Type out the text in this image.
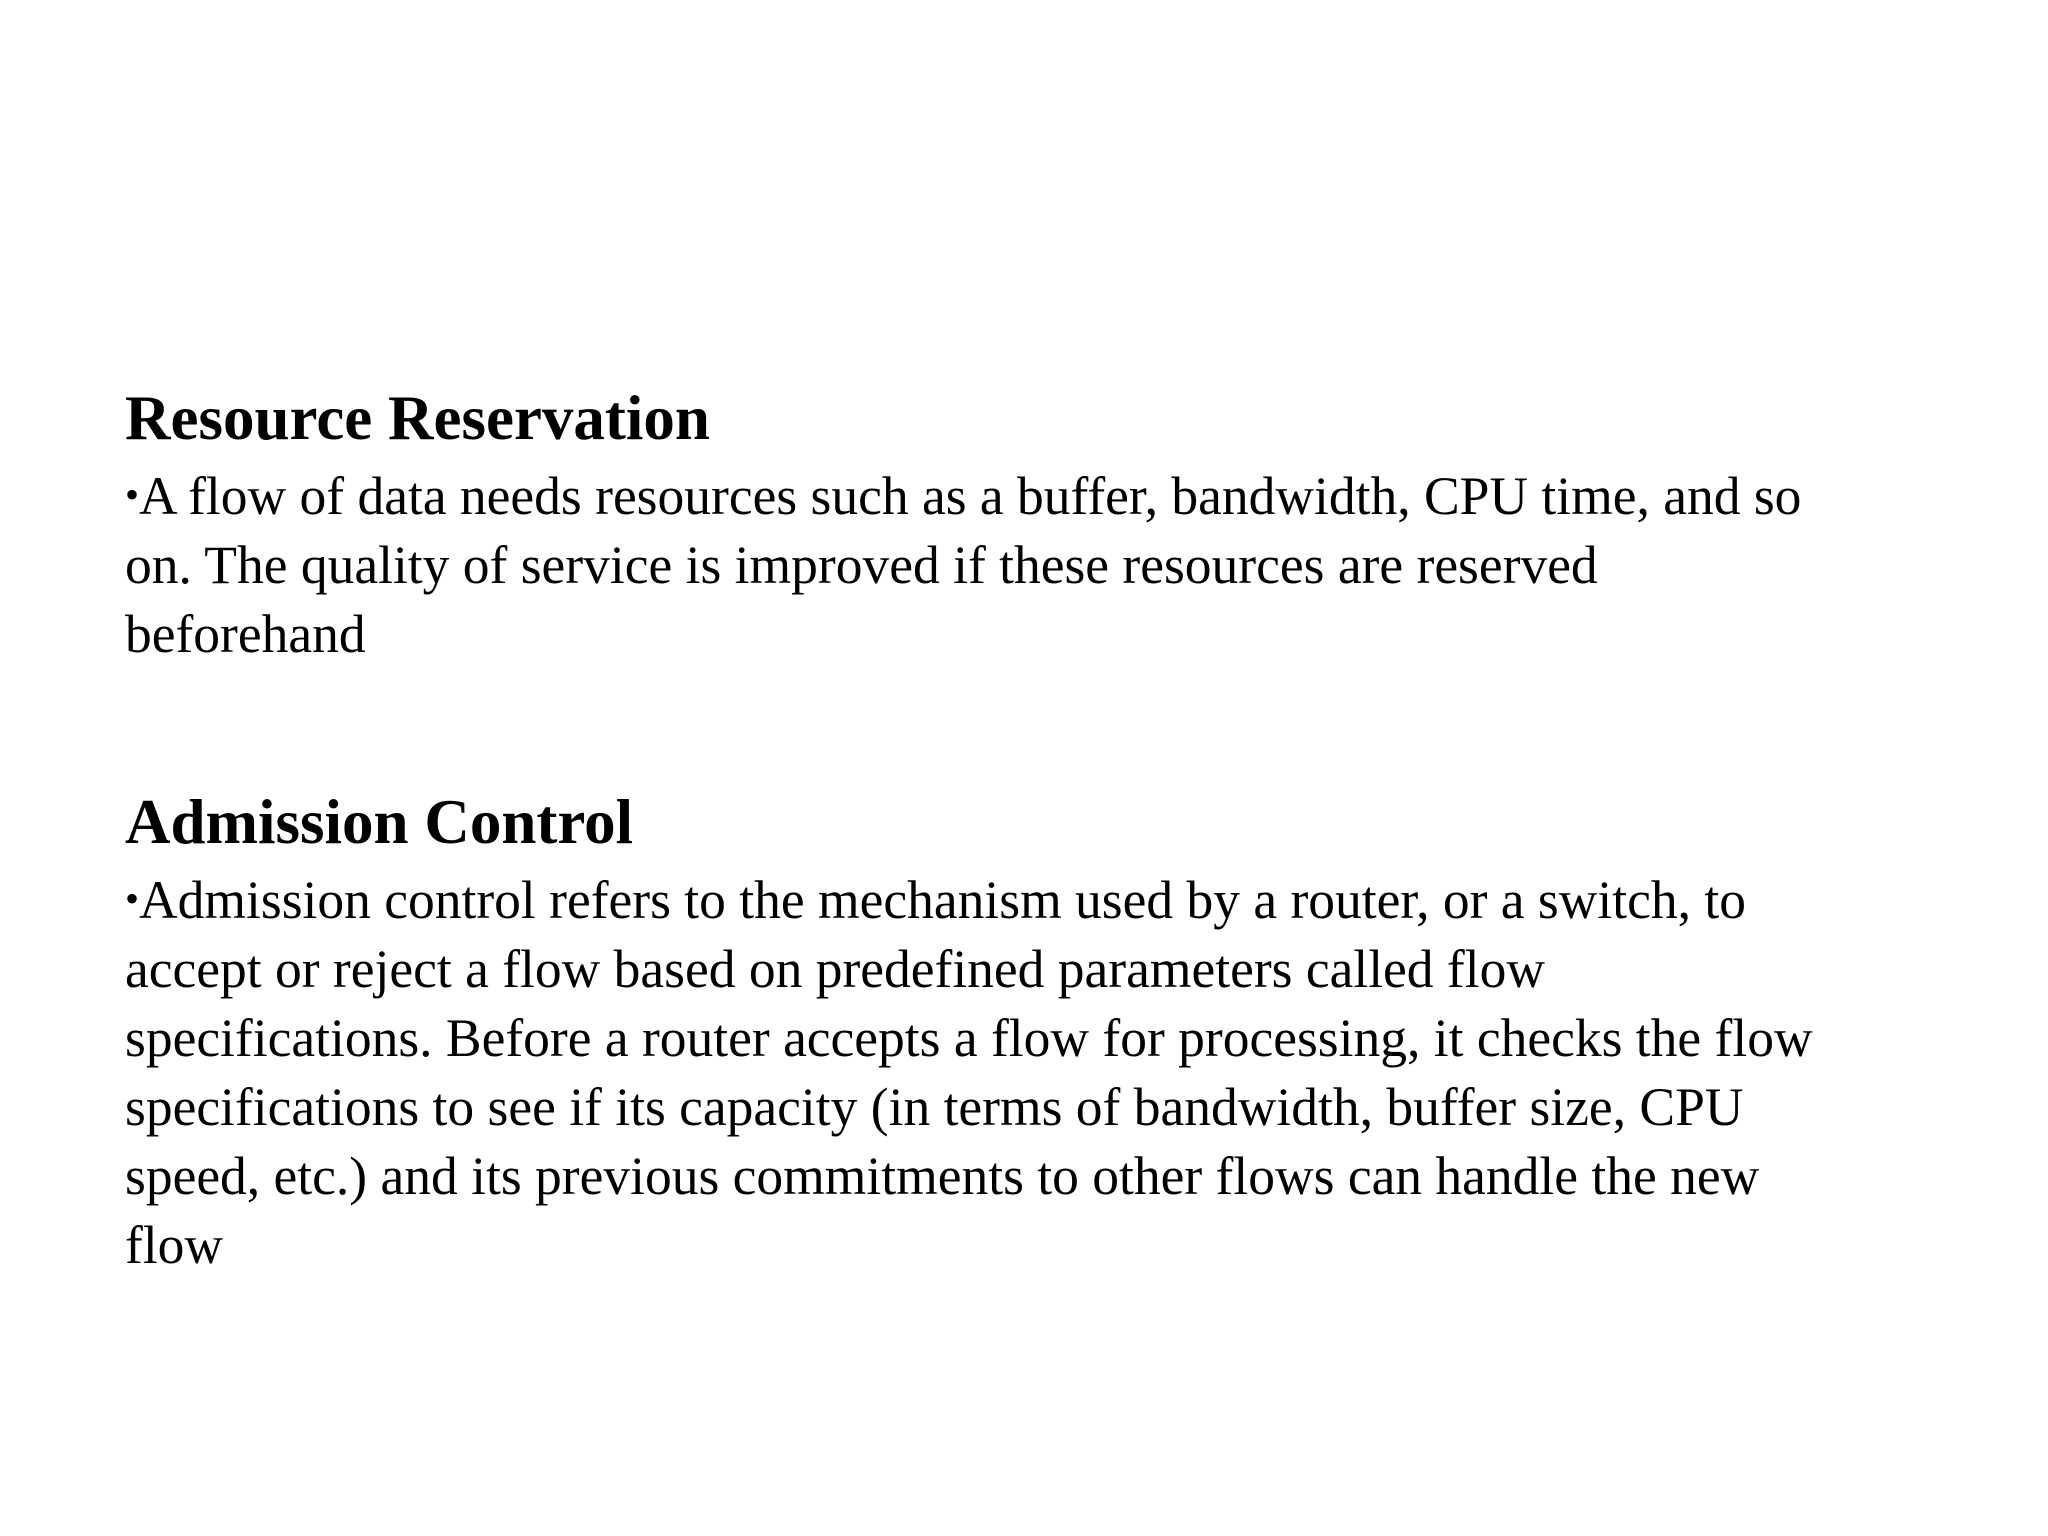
Resource Reservation

•A flow of data needs resources such as a buffer, bandwidth, CPU time, and so
on. The quality of service is improved if these resources are reserved
beforehand

Admission Control

•Admission control refers to the mechanism used by a router, or a switch, to
accept or reject a flow based on predefined parameters called flow
specifications. Before a router accepts a flow for processing, it checks the flow
specifications to see if its capacity (in terms of bandwidth, buffer size, CPU
speed, etc.) and its previous commitments to other flows can handle the new
flow
